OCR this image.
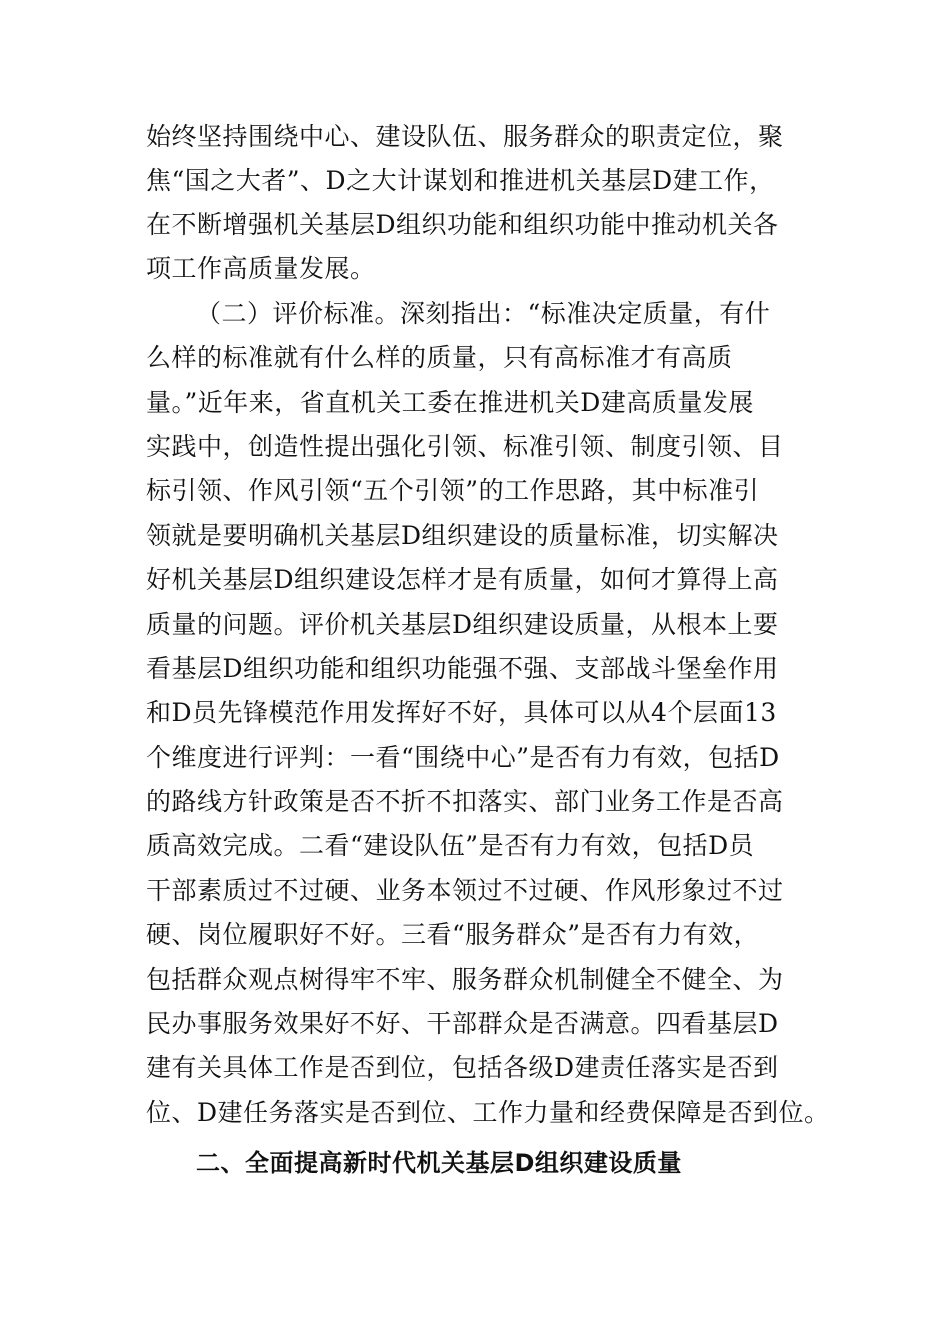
始终坚持围绕中心、建设队伍、服务群众的职责定位，聚
焦“国之大者”、D之大计谋划和推进机关基层D建工作，
在不断增强机关基层D组织功能和组织功能中推动机关各
项工作高质量发展。
（二）评价标准。深刻指出：“标准决定质量，有什
么样的标准就有什么样的质量，只有高标准才有高质
量。”近年来，省直机关工委在推进机关D建高质量发展
实践中，创造性提出强化引领、标准引领、制度引领、目
标引领、作风引领“五个引领”的工作思路，其中标准引
领就是要明确机关基层D组织建设的质量标准，切实解决
好机关基层D组织建设怎样才是有质量，如何才算得上高
质量的问题。评价机关基层D组织建设质量，从根本上要
看基层D组织功能和组织功能强不强、支部战斗堡垒作用
和D员先锋模范作用发挥好不好，具体可以从4个层面13
个维度进行评判：一看“围绕中心”是否有力有效，包括D
的路线方针政策是否不折不扣落实、部门业务工作是否高
质高效完成。二看“建设队伍”是否有力有效，包括D员
干部素质过不过硬、业务本领过不过硬、作风形象过不过
硬、岗位履职好不好。三看“服务群众”是否有力有效，
包括群众观点树得牢不牢、服务群众机制健全不健全、为
民办事服务效果好不好、干部群众是否满意。四看基层D
建有关具体工作是否到位，包括各级D建责任落实是否到
位、D建任务落实是否到位、工作力量和经费保障是否到位。
二、全面提高新时代机关基层D组织建设质量
